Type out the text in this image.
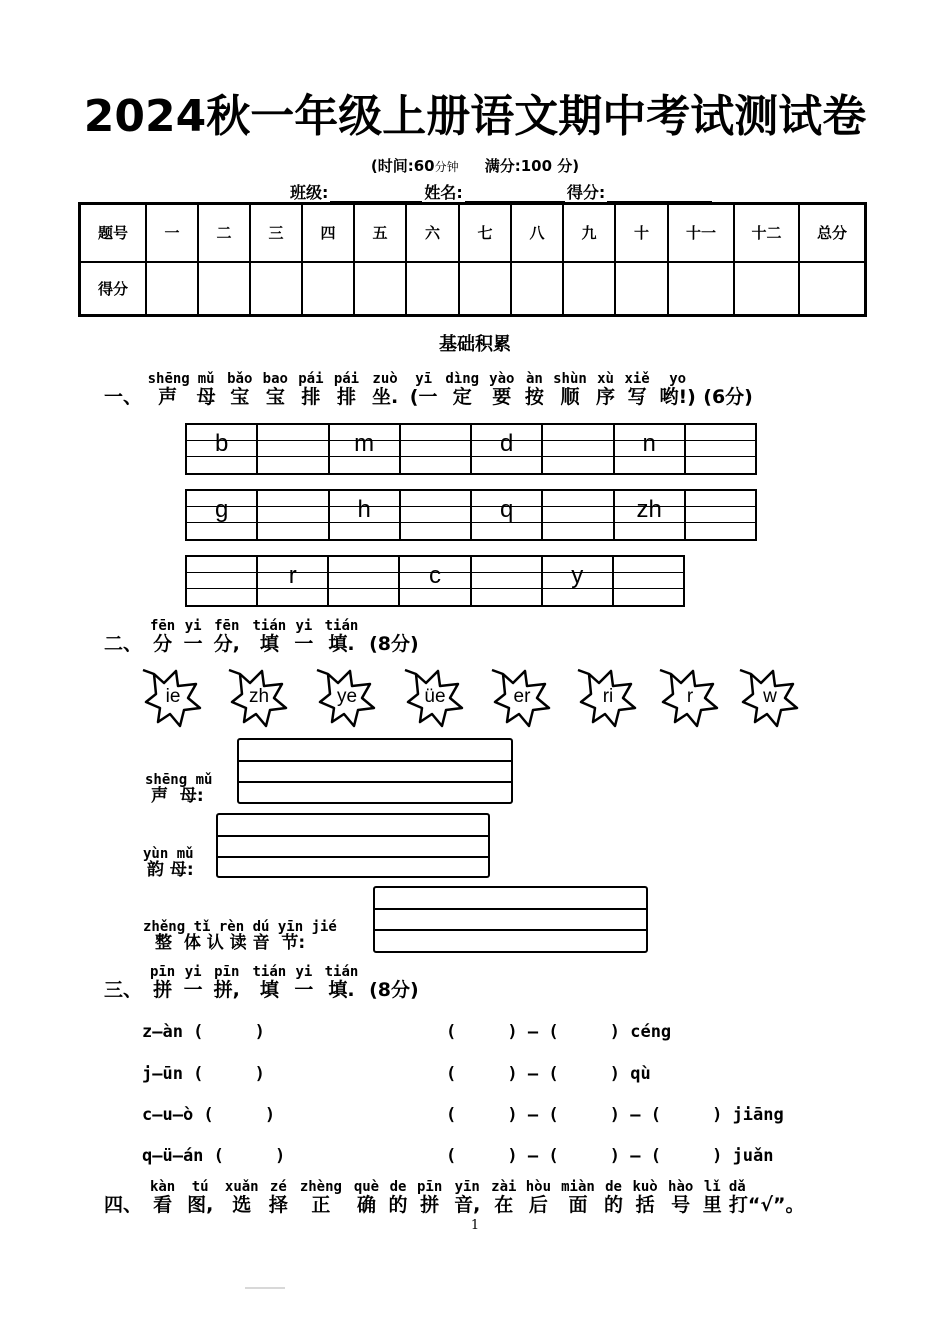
2024秋一年级上册语文期中考试测试卷
(时间:60分钟 满分:100 分)
班级:	姓名:	得分:
题号	一	二	三	四	五	六	七	八	九	十	十一	十二	总分
得分													
基础积累

一、

shēng
声

mǔ
母

bǎo
宝

bao
宝

pái
排

pái
排

zuò
坐.

yī
(一

dìng
定

yào
要

àn
按

shùn
顺

xù
序

xiě
写

yo
哟!)

(6分)
b	m	d	n
g	h	q	zh
r	c	y

二、

fēn
分

yi
一

fēn
分,

tián
填

yi
一

tián
填.

(8分)
ie	zh	ye	üe	er	ri	r	w
shēng mǔ
声  母:
yùn mǔ
韵 母:
zhěng tǐ rèn dú yīn jié
整  体 认 读 音  节:

三、

pīn
拼

yi
一

pīn
拼,

tián
填

yi
一

tián
填.

(8分)
z—àn (     )	(     ) — (     ) céng
j—ūn (     )	(     ) — (     ) qù
c—u—ò (     )	(     ) — (     ) — (     ) jiāng
q—ü—án (     )	(     ) — (     ) — (     ) juǎn

四、

kàn
看

tú
图,

xuǎn
选

zé
择

zhèng
正

què
确

de
的

pīn
拼

yīn
音,

zài
在

hòu
后

miàn
面

de
的

kuò
括

hào
号

lǐ
里

dǎ
打“√”。
1
